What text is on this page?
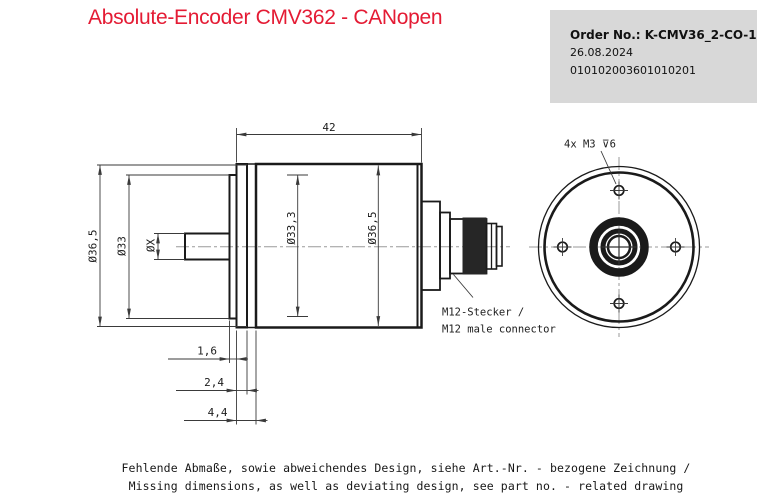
Absolute-Encoder CMV362 - CANopen
Order No.: K-CMV36_2-CO-1
26.08.2024
010102003601010201
42
Ø36,5 Ø33 ØX
Ø33,3	Ø36,5
1,6
2,4
4,4
M12-Stecker /
M12 male connector
4x M3 ⊽6
Fehlende Abmaße, sowie abweichendes Design, siehe Art.-Nr. - bezogene Zeichnung /
Missing dimensions, as well as deviating design, see part no. - related drawing
